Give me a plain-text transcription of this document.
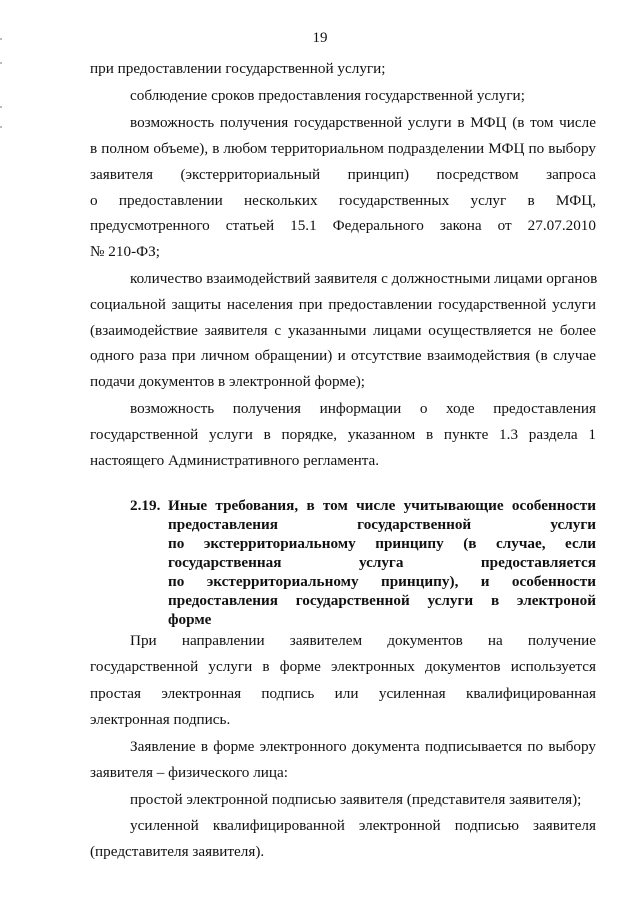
19
при предоставлении государственной услуги;
соблюдение сроков предоставления государственной услуги;
возможность получения государственной услуги в МФЦ (в том числе
в полном объеме), в любом территориальном подразделении МФЦ по выбору
заявителя (экстерриториальный принцип) посредством запроса
о предоставлении нескольких государственных услуг в МФЦ,
предусмотренного статьей 15.1 Федерального закона от 27.07.2010
№ 210-ФЗ;
количество взаимодействий заявителя с должностными лицами органов
социальной защиты населения при предоставлении государственной услуги
(взаимодействие заявителя с указанными лицами осуществляется не более
одного раза при личном обращении) и отсутствие взаимодействия (в случае
подачи документов в электронной форме);
возможность получения информации о ходе предоставления
государственной услуги в порядке, указанном в пункте 1.3 раздела 1
настоящего Административного регламента.
2.19. Иные требования, в том числе учитывающие особенности
предоставления государственной услуги
по экстерриториальному принципу (в случае, если
государственная услуга предоставляется
по экстерриториальному принципу), и особенности
предоставления государственной услуги в электроной
форме
При направлении заявителем документов на получение
государственной услуги в форме электронных документов используется
простая электронная подпись или усиленная квалифицированная
электронная подпись.
Заявление в форме электронного документа подписывается по выбору
заявителя – физического лица:
простой электронной подписью заявителя (представителя заявителя);
усиленной квалифицированной электронной подписью заявителя
(представителя заявителя).
